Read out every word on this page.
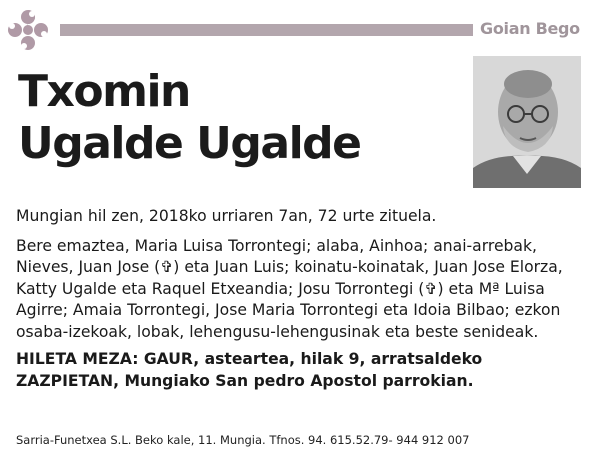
Goian Bego
Txomin
Ugalde Ugalde

Mungian hil zen, 2018ko urriaren 7an, 72 urte zituela.

Bere emaztea, Maria Luisa Torrontegi; alaba, Ainhoa; anai-arrebak, Nieves, Juan Jose (✞) eta Juan Luis; koinatu-koinatak, Juan Jose Elorza, Katty Ugalde eta Raquel Etxeandia; Josu Torrontegi (✞) eta Mª Luisa Agirre; Amaia Torrontegi, Jose Maria Torrontegi eta Idoia Bilbao; ezkon osaba-izekoak, lobak, lehengusu-lehengusinak eta beste senideak.

HILETA MEZA: GAUR, asteartea, hilak 9, arratsaldeko ZAZPIETAN, Mungiako San pedro Apostol parrokian.

Sarria-Funetxea S.L. Beko kale, 11. Mungia. Tfnos. 94. 615.52.79- 944 912 007
